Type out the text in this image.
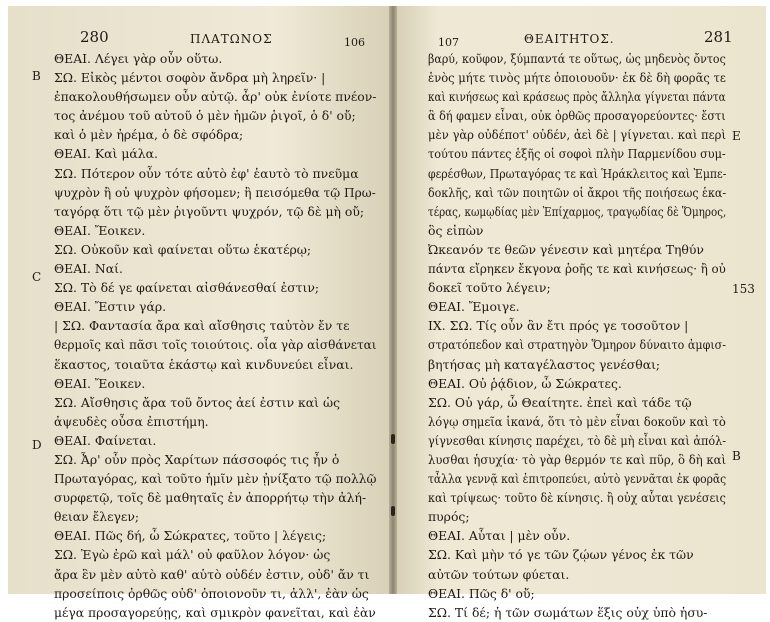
280	ΠΛΑΤΩΝΟΣ	106
B
C
D
ΘΕΑΙ. Λέγει γὰρ οὖν οὕτω.
ΣΩ. Εἰκὸς μέντοι σοφὸν ἄνδρα μὴ ληρεῖν· |
ἐπακολουθήσωμεν οὖν αὐτῷ. ἆρ' οὐκ ἐνίοτε πνέον-
τος ἀνέμου τοῦ αὐτοῦ ὁ μὲν ἡμῶν ῥιγοῖ, ὁ δ' οὔ;
καὶ ὁ μὲν ἠρέμα, ὁ δὲ σφόδρα;
ΘΕΑΙ. Καὶ μάλα.
ΣΩ. Πότερον οὖν τότε αὐτὸ ἐφ' ἑαυτὸ τὸ πνεῦμα
ψυχρὸν ἢ οὐ ψυχρὸν φήσομεν; ἢ πεισόμεθα τῷ Πρω-
ταγόρᾳ ὅτι τῷ μὲν ῥιγοῦντι ψυχρόν, τῷ δὲ μὴ οὔ;
ΘΕΑΙ. Ἔοικεν.
ΣΩ. Οὐκοῦν καὶ φαίνεται οὕτω ἑκατέρῳ;
ΘΕΑΙ. Ναί.
ΣΩ. Τὸ δέ γε φαίνεται αἰσθάνεσθαί ἐστιν;
ΘΕΑΙ. Ἔστιν γάρ.
| ΣΩ. Φαντασία ἄρα καὶ αἴσθησις ταὐτὸν ἔν τε
θερμοῖς καὶ πᾶσι τοῖς τοιούτοις. οἷα γὰρ αἰσθάνεται
ἕκαστος, τοιαῦτα ἑκάστῳ καὶ κινδυνεύει εἶναι.
ΘΕΑΙ. Ἔοικεν.
ΣΩ. Αἴσθησις ἄρα τοῦ ὄντος ἀεί ἐστιν καὶ ὡς
ἀψευδὲς οὖσα ἐπιστήμη.
ΘΕΑΙ. Φαίνεται.
ΣΩ. Ἆρ' οὖν πρὸς Χαρίτων πάσσοφός τις ἦν ὁ
Πρωταγόρας, καὶ τοῦτο ἡμῖν μὲν ᾐνίξατο τῷ πολλῷ
συρφετῷ, τοῖς δὲ μαθηταῖς ἐν ἀπορρήτῳ τὴν ἀλή-
θειαν ἔλεγεν;
ΘΕΑΙ. Πῶς δή, ὦ Σώκρατες, τοῦτο | λέγεις;
ΣΩ. Ἐγὼ ἐρῶ καὶ μάλ' οὐ φαῦλον λόγον· ὡς
ἄρα ἓν μὲν αὐτὸ καθ' αὑτὸ οὐδέν ἐστιν, οὐδ' ἄν τι
προσείποις ὀρθῶς οὐδ' ὁποιονοῦν τι, ἀλλ', ἐὰν ὡς
μέγα προσαγορεύῃς, καὶ σμικρὸν φανεῖται, καὶ ἐὰν
107	ΘΕΑΙΤΗΤΟΣ.	281
E
153
B
βαρύ, κοῦφον, ξύμπαντά τε οὕτως, ὡς μηδενὸς ὄντος
ἑνὸς μήτε τινὸς μήτε ὁποιουοῦν· ἐκ δὲ δὴ φορᾶς τε
καὶ κινήσεως καὶ κράσεως πρὸς ἄλληλα γίγνεται πάντα
ἃ δή φαμεν εἶναι, οὐκ ὀρθῶς προσαγορεύοντες· ἔστι
μὲν γὰρ οὐδέποτ' οὐδέν, ἀεὶ δὲ | γίγνεται. καὶ περὶ
τούτου πάντες ἑξῆς οἱ σοφοὶ πλὴν Παρμενίδου συμ-
φερέσθων, Πρωταγόρας τε καὶ Ἡράκλειτος καὶ Ἐμπε-
δοκλῆς, καὶ τῶν ποιητῶν οἱ ἄκροι τῆς ποιήσεως ἑκα-
τέρας, κωμῳδίας μὲν Ἐπίχαρμος, τραγῳδίας δὲ Ὅμηρος,
ὃς εἰπὼν
Ὠκεανόν τε θεῶν γένεσιν καὶ μητέρα Τηθύν
πάντα εἴρηκεν ἔκγονα ῥοῆς τε καὶ κινήσεως· ἢ οὐ
δοκεῖ τοῦτο λέγειν;
ΘΕΑΙ. Ἔμοιγε.
IX. ΣΩ. Τίς οὖν ἂν ἔτι πρός γε τοσοῦτον |
στρατόπεδον καὶ στρατηγὸν Ὅμηρον δύναιτο ἀμφισ-
βητήσας μὴ καταγέλαστος γενέσθαι;
ΘΕΑΙ. Οὐ ῥᾴδιον, ὦ Σώκρατες.
ΣΩ. Οὐ γάρ, ὦ Θεαίτητε. ἐπεὶ καὶ τάδε τῷ
λόγῳ σημεῖα ἱκανά, ὅτι τὸ μὲν εἶναι δοκοῦν καὶ τὸ
γίγνεσθαι κίνησις παρέχει, τὸ δὲ μὴ εἶναι καὶ ἀπόλ-
λυσθαι ἡσυχία· τὸ γὰρ θερμόν τε καὶ πῦρ, ὃ δὴ καὶ
τἆλλα γεννᾷ καὶ ἐπιτροπεύει, αὐτὸ γεννᾶται ἐκ φορᾶς
καὶ τρίψεως· τοῦτο δὲ κίνησις. ἢ οὐχ αὗται γενέσεις
πυρός;
ΘΕΑΙ. Αὗται | μὲν οὖν.
ΣΩ. Καὶ μὴν τό γε τῶν ζῴων γένος ἐκ τῶν
αὐτῶν τούτων φύεται.
ΘΕΑΙ. Πῶς δ' οὔ;
ΣΩ. Τί δέ; ἡ τῶν σωμάτων ἕξις οὐχ ὑπὸ ἡσυ-
